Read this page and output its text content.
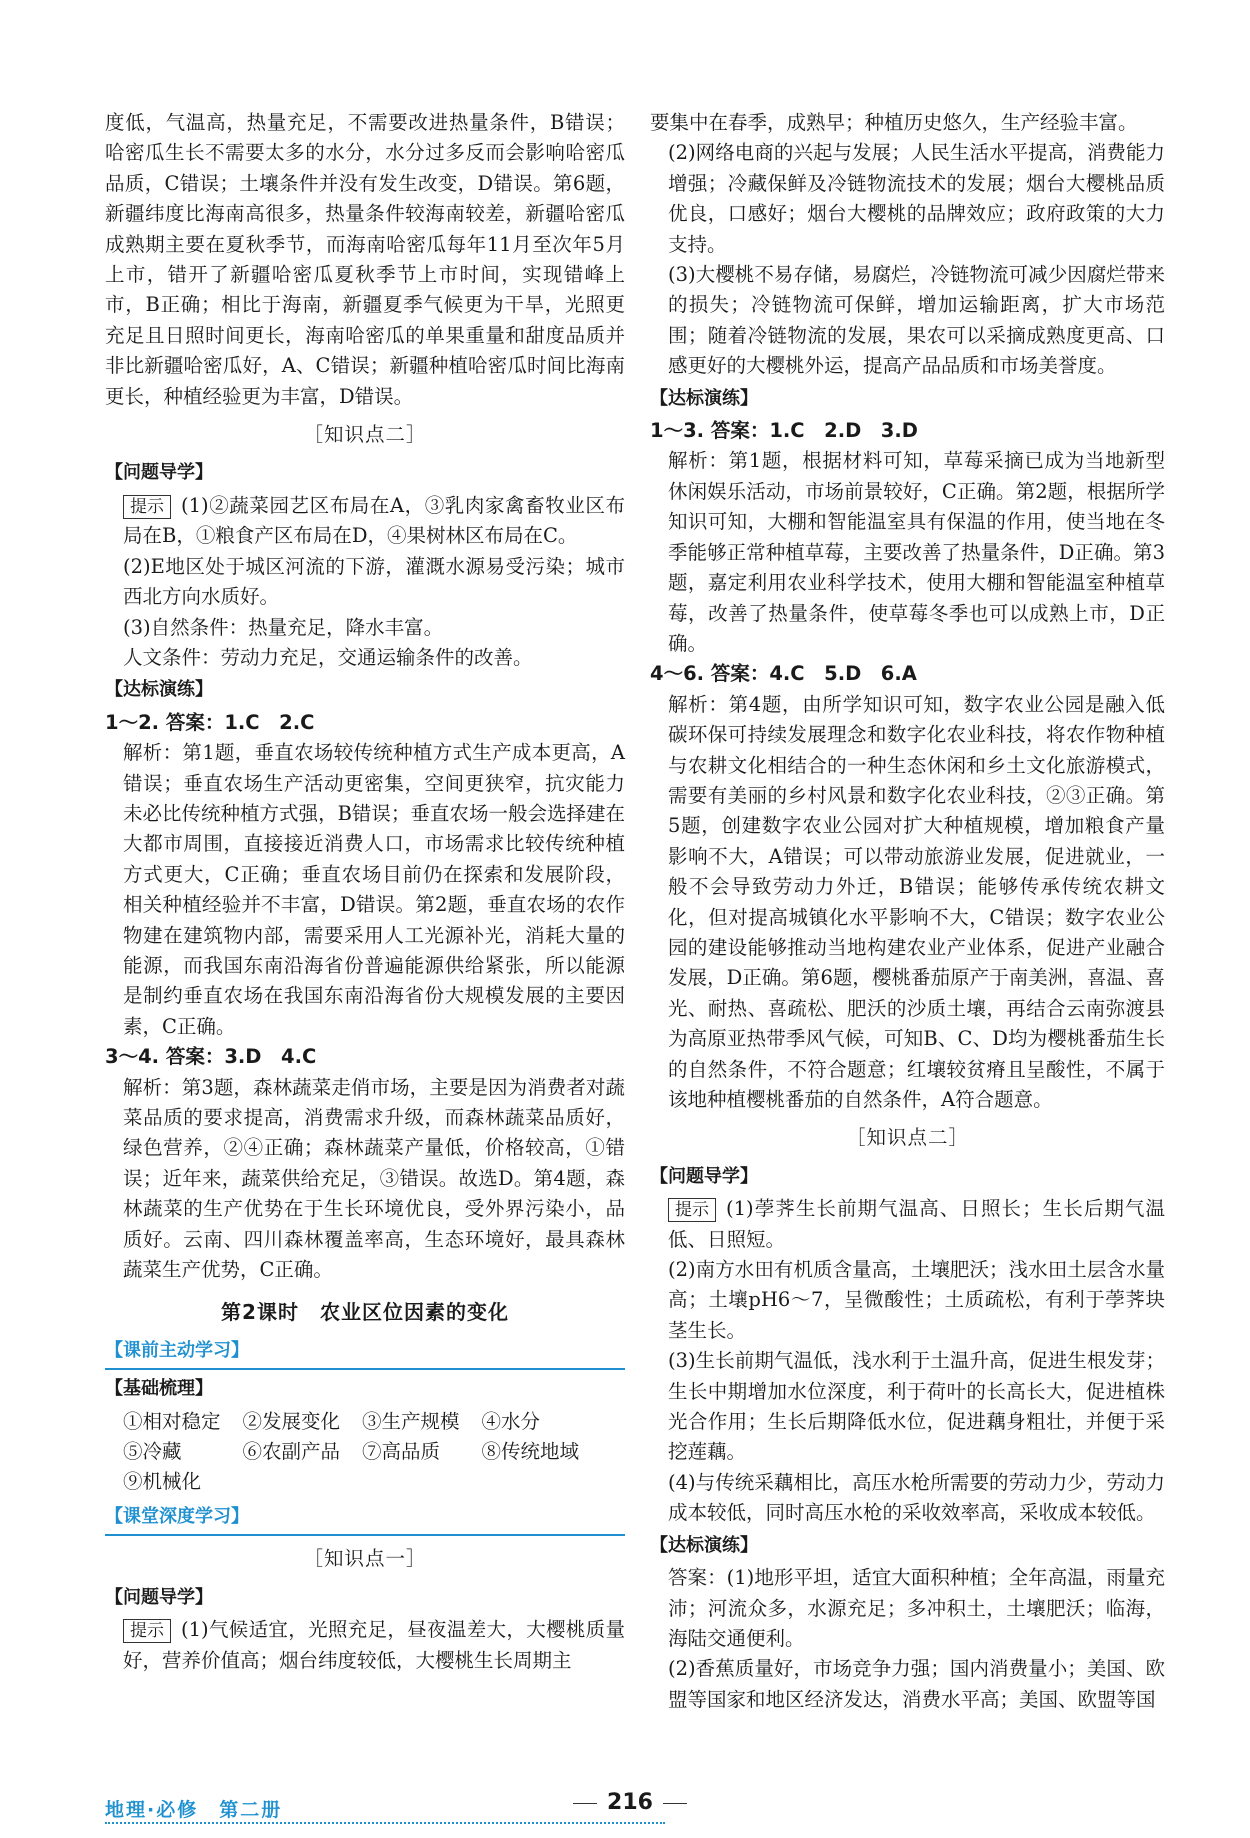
度低，气温高，热量充足，不需要改进热量条件，B错误；哈密瓜生长不需要太多的水分，水分过多反而会影响哈密瓜品质，C错误；土壤条件并没有发生改变，D错误。第6题，新疆纬度比海南高很多，热量条件较海南较差，新疆哈密瓜成熟期主要在夏秋季节，而海南哈密瓜每年11月至次年5月上市，错开了新疆哈密瓜夏秋季节上市时间，实现错峰上市，B正确；相比于海南，新疆夏季气候更为干旱，光照更充足且日照时间更长，海南哈密瓜的单果重量和甜度品质并非比新疆哈密瓜好，A、C错误；新疆种植哈密瓜时间比海南更长，种植经验更为丰富，D错误。

［知识点二］

【问题导学】

提示 (1)②蔬菜园艺区布局在A，③乳肉家禽畜牧业区布局在B，①粮食产区布局在D，④果树林区布局在C。

(2)E地区处于城区河流的下游，灌溉水源易受污染；城市西北方向水质好。

(3)自然条件：热量充足，降水丰富。

人文条件：劳动力充足，交通运输条件的改善。

【达标演练】

1～2. 答案：1.C　2.C

解析：第1题，垂直农场较传统种植方式生产成本更高，A错误；垂直农场生产活动更密集，空间更狭窄，抗灾能力未必比传统种植方式强，B错误；垂直农场一般会选择建在大都市周围，直接接近消费人口，市场需求比较传统种植方式更大，C正确；垂直农场目前仍在探索和发展阶段，相关种植经验并不丰富，D错误。第2题，垂直农场的农作物建在建筑物内部，需要采用人工光源补光，消耗大量的能源，而我国东南沿海省份普遍能源供给紧张，所以能源是制约垂直农场在我国东南沿海省份大规模发展的主要因素，C正确。

3～4. 答案：3.D　4.C

解析：第3题，森林蔬菜走俏市场，主要是因为消费者对蔬菜品质的要求提高，消费需求升级，而森林蔬菜品质好，绿色营养，②④正确；森林蔬菜产量低，价格较高，①错误；近年来，蔬菜供给充足，③错误。故选D。第4题，森林蔬菜的生产优势在于生长环境优良，受外界污染小，品质好。云南、四川森林覆盖率高，生态环境好，最具森林蔬菜生产优势，C正确。

第2课时　农业区位因素的变化

【课前主动学习】

【基础梳理】

①相对稳定 ②发展变化 ③生产规模 ④水分
⑤冷藏	⑥农副产品 ⑦高品质	⑧传统地域
⑨机械化

【课堂深度学习】

［知识点一］

【问题导学】

提示 (1)气候适宜，光照充足，昼夜温差大，大樱桃质量好，营养价值高；烟台纬度较低，大樱桃生长周期主

要集中在春季，成熟早；种植历史悠久，生产经验丰富。

(2)网络电商的兴起与发展；人民生活水平提高，消费能力增强；冷藏保鲜及冷链物流技术的发展；烟台大樱桃品质优良，口感好；烟台大樱桃的品牌效应；政府政策的大力支持。

(3)大樱桃不易存储，易腐烂，冷链物流可减少因腐烂带来的损失；冷链物流可保鲜，增加运输距离，扩大市场范围；随着冷链物流的发展，果农可以采摘成熟度更高、口感更好的大樱桃外运，提高产品品质和市场美誉度。

【达标演练】

1～3. 答案：1.C　2.D　3.D

解析：第1题，根据材料可知，草莓采摘已成为当地新型休闲娱乐活动，市场前景较好，C正确。第2题，根据所学知识可知，大棚和智能温室具有保温的作用，使当地在冬季能够正常种植草莓，主要改善了热量条件，D正确。第3题，嘉定利用农业科学技术，使用大棚和智能温室种植草莓，改善了热量条件，使草莓冬季也可以成熟上市，D正确。

4～6. 答案：4.C　5.D　6.A

解析：第4题，由所学知识可知，数字农业公园是融入低碳环保可持续发展理念和数字化农业科技，将农作物种植与农耕文化相结合的一种生态休闲和乡土文化旅游模式，需要有美丽的乡村风景和数字化农业科技，②③正确。第5题，创建数字农业公园对扩大种植规模，增加粮食产量影响不大，A错误；可以带动旅游业发展，促进就业，一般不会导致劳动力外迁，B错误；能够传承传统农耕文化，但对提高城镇化水平影响不大，C错误；数字农业公园的建设能够推动当地构建农业产业体系，促进产业融合发展，D正确。第6题，樱桃番茄原产于南美洲，喜温、喜光、耐热、喜疏松、肥沃的沙质土壤，再结合云南弥渡县为高原亚热带季风气候，可知B、C、D均为樱桃番茄生长的自然条件，不符合题意；红壤较贫瘠且呈酸性，不属于该地种植樱桃番茄的自然条件，A符合题意。

［知识点二］

【问题导学】

提示 (1)荸荠生长前期气温高、日照长；生长后期气温低、日照短。

(2)南方水田有机质含量高，土壤肥沃；浅水田土层含水量高；土壤pH6～7，呈微酸性；土质疏松，有利于荸荠块茎生长。

(3)生长前期气温低，浅水利于土温升高，促进生根发芽；生长中期增加水位深度，利于荷叶的长高长大，促进植株光合作用；生长后期降低水位，促进藕身粗壮，并便于采挖莲藕。

(4)与传统采藕相比，高压水枪所需要的劳动力少，劳动力成本较低，同时高压水枪的采收效率高，采收成本较低。

【达标演练】

答案：(1)地形平坦，适宜大面积种植；全年高温，雨量充沛；河流众多，水源充足；多冲积土，土壤肥沃；临海，海陆交通便利。

(2)香蕉质量好，市场竞争力强；国内消费量小；美国、欧盟等国家和地区经济发达，消费水平高；美国、欧盟等国

地理·必修　第二册	216
